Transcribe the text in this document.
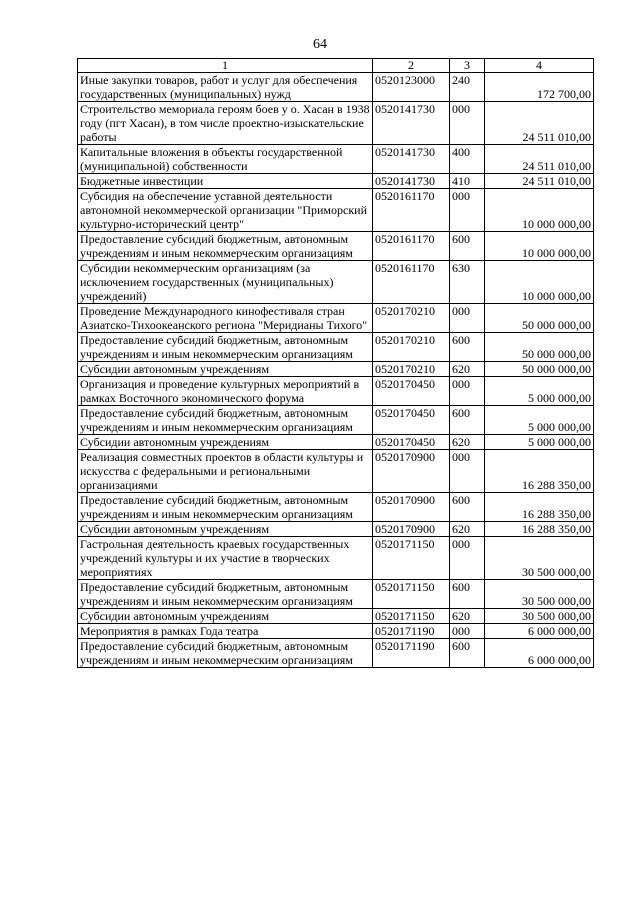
64
1	2	3	4
Иные закупки товаров, работ и услуг для обеспечения государственных (муниципальных) нужд	0520123000	240	172 700,00
Строительство мемориала героям боев у о. Хасан в 1938 году (пгт Хасан), в том числе проектно-изыскательские работы	0520141730	000	24 511 010,00
Капитальные вложения в объекты государственной (муниципальной) собственности	0520141730	400	24 511 010,00
Бюджетные инвестиции	0520141730	410	24 511 010,00
Субсидия на обеспечение уставной деятельности автономной некоммерческой организации "Приморский культурно-исторический центр"	0520161170	000	10 000 000,00
Предоставление субсидий бюджетным, автономным учреждениям и иным некоммерческим организациям	0520161170	600	10 000 000,00
Субсидии некоммерческим организациям (за исключением государственных (муниципальных) учреждений)	0520161170	630	10 000 000,00
Проведение Международного кинофестиваля стран Азиатско-Тихоокеанского региона "Меридианы Тихого"	0520170210	000	50 000 000,00
Предоставление субсидий бюджетным, автономным учреждениям и иным некоммерческим организациям	0520170210	600	50 000 000,00
Субсидии автономным учреждениям	0520170210	620	50 000 000,00
Организация и проведение культурных мероприятий в рамках Восточного экономического форума	0520170450	000	5 000 000,00
Предоставление субсидий бюджетным, автономным учреждениям и иным некоммерческим организациям	0520170450	600	5 000 000,00
Субсидии автономным учреждениям	0520170450	620	5 000 000,00
Реализация совместных проектов в области культуры и искусства с федеральными и региональными организациями	0520170900	000	16 288 350,00
Предоставление субсидий бюджетным, автономным учреждениям и иным некоммерческим организациям	0520170900	600	16 288 350,00
Субсидии автономным учреждениям	0520170900	620	16 288 350,00
Гастрольная деятельность краевых государственных учреждений культуры и их участие в творческих мероприятиях	0520171150	000	30 500 000,00
Предоставление субсидий бюджетным, автономным учреждениям и иным некоммерческим организациям	0520171150	600	30 500 000,00
Субсидии автономным учреждениям	0520171150	620	30 500 000,00
Мероприятия в рамках Года театра	0520171190	000	6 000 000,00
Предоставление субсидий бюджетным, автономным учреждениям и иным некоммерческим организациям	0520171190	600	6 000 000,00
